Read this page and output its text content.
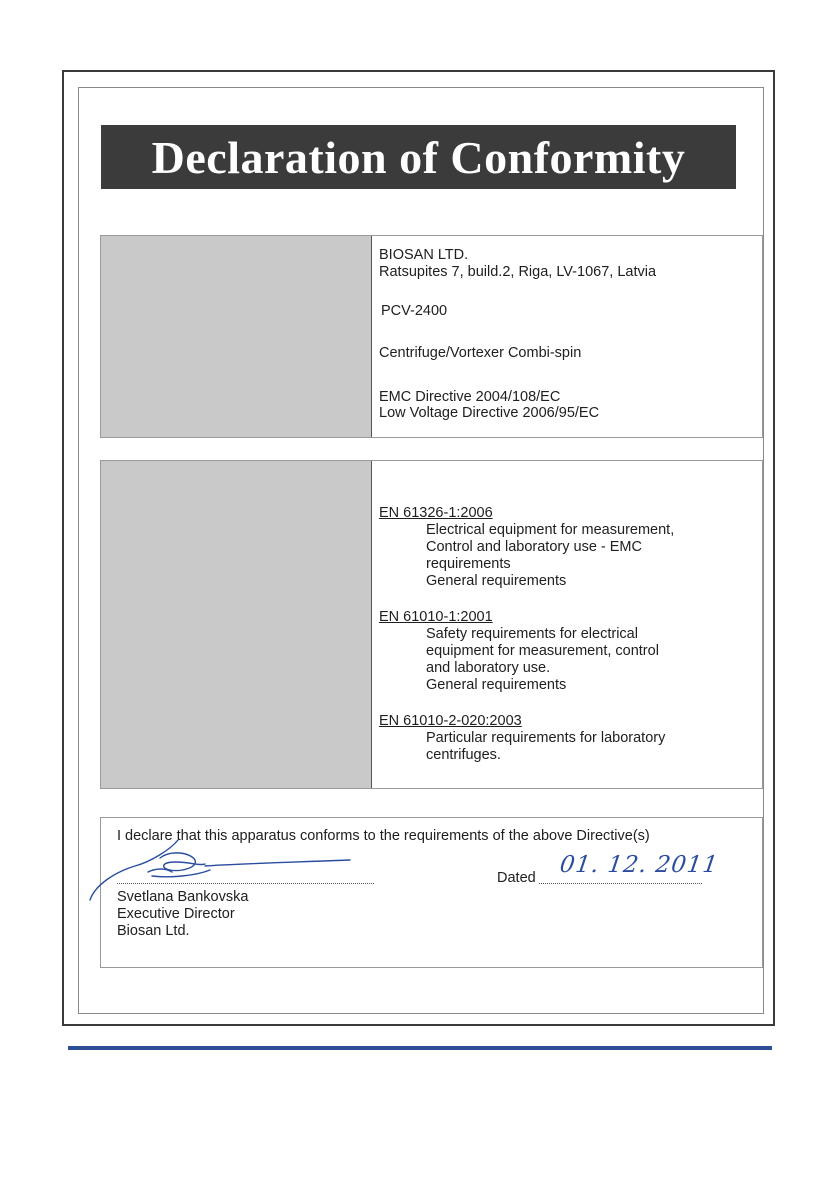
Declaration of Conformity
BIOSAN LTD.
Ratsupites 7, build.2, Riga, LV-1067, Latvia
PCV-2400
Centrifuge/Vortexer Combi-spin
EMC Directive 2004/108/EC
Low Voltage Directive 2006/95/EC
EN 61326-1:2006
Electrical equipment for measurement,
Control and laboratory use - EMC
requirements
General requirements
EN 61010-1:2001
Safety requirements for electrical
equipment for measurement, control
and laboratory use.
General requirements
EN 61010-2-020:2003
Particular requirements for laboratory
centrifuges.
I declare that this apparatus conforms to the requirements of the above Directive(s)
Dated 01. 12. 2011
Svetlana Bankovska
Executive Director
Biosan Ltd.
